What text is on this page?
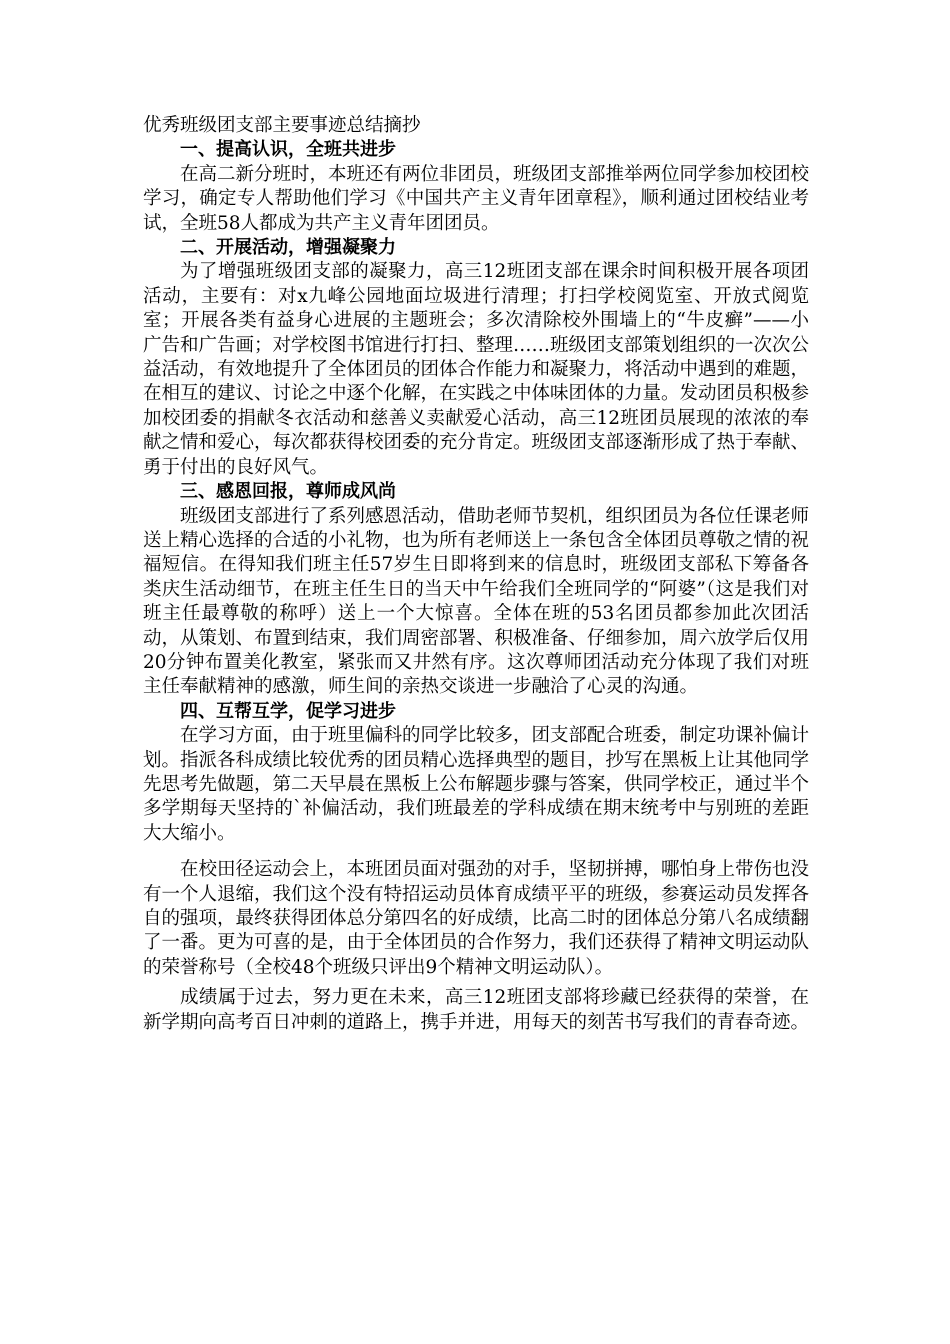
优秀班级团支部主要事迹总结摘抄

一、提高认识，全班共进步

在高二新分班时，本班还有两位非团员，班级团支部推举两位同学参加校团校学习，确定专人帮助他们学习《中国共产主义青年团章程》，顺利通过团校结业考试，全班58人都成为共产主义青年团团员。

二、开展活动，增强凝聚力

为了增强班级团支部的凝聚力，高三12班团支部在课余时间积极开展各项团活动，主要有：对x九峰公园地面垃圾进行清理；打扫学校阅览室、开放式阅览室；开展各类有益身心进展的主题班会；多次清除校外围墙上的“牛皮癣”——小广告和广告画；对学校图书馆进行打扫、整理……班级团支部策划组织的一次次公益活动，有效地提升了全体团员的团体合作能力和凝聚力，将活动中遇到的难题，在相互的建议、讨论之中逐个化解，在实践之中体味团体的力量。发动团员积极参加校团委的捐献冬衣活动和慈善义卖献爱心活动，高三12班团员展现的浓浓的奉献之情和爱心，每次都获得校团委的充分肯定。班级团支部逐渐形成了热于奉献、勇于付出的良好风气。

三、感恩回报，尊师成风尚

班级团支部进行了系列感恩活动，借助老师节契机，组织团员为各位任课老师送上精心选择的合适的小礼物，也为所有老师送上一条包含全体团员尊敬之情的祝福短信。在得知我们班主任57岁生日即将到来的信息时，班级团支部私下筹备各类庆生活动细节，在班主任生日的当天中午给我们全班同学的“阿婆”（这是我们对班主任最尊敬的称呼）送上一个大惊喜。全体在班的53名团员都参加此次团活动，从策划、布置到结束，我们周密部署、积极准备、仔细参加，周六放学后仅用20分钟布置美化教室，紧张而又井然有序。这次尊师团活动充分体现了我们对班主任奉献精神的感激，师生间的亲热交谈进一步融洽了心灵的沟通。

四、互帮互学，促学习进步

在学习方面，由于班里偏科的同学比较多，团支部配合班委，制定功课补偏计划。指派各科成绩比较优秀的团员精心选择典型的题目，抄写在黑板上让其他同学先思考先做题，第二天早晨在黑板上公布解题步骤与答案，供同学校正，通过半个多学期每天坚持的`补偏活动，我们班最差的学科成绩在期末统考中与别班的差距大大缩小。

在校田径运动会上，本班团员面对强劲的对手，坚韧拼搏，哪怕身上带伤也没有一个人退缩，我们这个没有特招运动员体育成绩平平的班级，参赛运动员发挥各自的强项，最终获得团体总分第四名的好成绩，比高二时的团体总分第八名成绩翻了一番。更为可喜的是，由于全体团员的合作努力，我们还获得了精神文明运动队的荣誉称号（全校48个班级只评出9个精神文明运动队）。

成绩属于过去，努力更在未来，高三12班团支部将珍藏已经获得的荣誉，在新学期向高考百日冲刺的道路上，携手并进，用每天的刻苦书写我们的青春奇迹。
